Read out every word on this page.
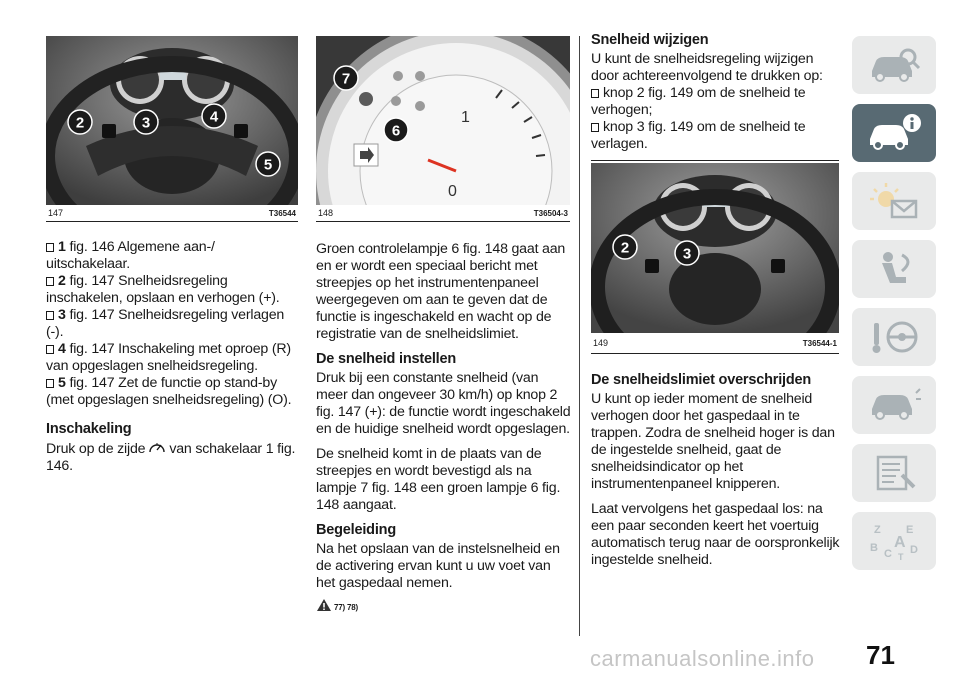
2	3	4
5
147	T36544
1 fig. 146 Algemene aan-/ uitschakelaar.
2 fig. 147 Snelheidsregeling inschakelen, opslaan en verhogen (+).
3 fig. 147 Snelheidsregeling verlagen (-).
4 fig. 147 Inschakeling met oproep (R) van opgeslagen snelheidsregeling.
5 fig. 147 Zet de functie op stand-by (met opgeslagen snelheidsregeling) (O).
Inschakeling

Druk op de zijde van schakelaar 1 fig. 146.

1
0
7
6
148	T36504-3

Groen controlelampje 6 fig. 148 gaat aan en er wordt een speciaal bericht met streepjes op het instrumentenpaneel weergegeven om aan te geven dat de functie is ingeschakeld en wacht op de registratie van de snelheidslimiet.

De snelheid instellen

Druk bij een constante snelheid (van meer dan ongeveer 30 km/h) op knop 2 fig. 147 (+): de functie wordt ingeschakeld en de huidige snelheid wordt opgeslagen.

De snelheid komt in de plaats van de streepjes en wordt bevestigd als na lampje 7 fig. 148 een groen lampje 6 fig. 148 aangaat.

Begeleiding

Na het opslaan van de instelsnelheid en de activering ervan kunt u uw voet van het gaspedaal nemen.

77) 78)
Snelheid wijzigen

U kunt de snelheidsregeling wijzigen door achtereenvolgend te drukken op:

knop 2 fig. 149 om de snelheid te verhogen;
knop 3 fig. 149 om de snelheid te verlagen.
2	3
149	T36544-1
De snelheidslimiet overschrijden

U kunt op ieder moment de snelheid verhogen door het gaspedaal in te trappen. Zodra de snelheid hoger is dan de ingestelde snelheid, gaat de snelheidsindicator op het instrumentenpaneel knipperen.

Laat vervolgens het gaspedaal los: na een paar seconden keert het voertuig automatisch terug naar de oorspronkelijk ingestelde snelheid.

Z E
A
B C D
T
carmanualsonline.info 71
